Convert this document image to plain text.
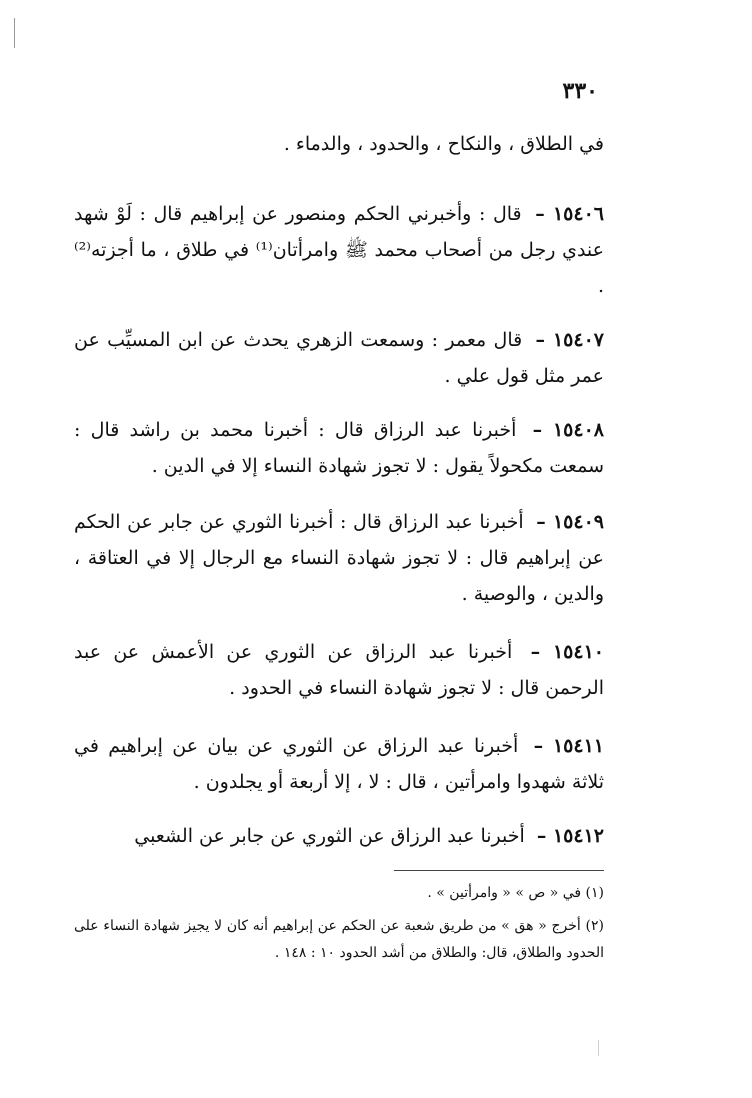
٣٣٠
في الطلاق ، والنكاح ، والحدود ، والدماء .
١٥٤٠٦ – قال : وأخبرني الحكم ومنصور عن إبراهيم قال : لَوْ شهد عندي رجل من أصحاب محمد ﷺ وامرأتان⁽¹⁾ في طلاق ، ما أجزته⁽²⁾ .
١٥٤٠٧ – قال معمر : وسمعت الزهري يحدث عن ابن المسيِّب عن عمر مثل قول علي .
١٥٤٠٨ – أخبرنا عبد الرزاق قال : أخبرنا محمد بن راشد قال : سمعت مكحولاً يقول : لا تجوز شهادة النساء إلا في الدين .
١٥٤٠٩ – أخبرنا عبد الرزاق قال : أخبرنا الثوري عن جابر عن الحكم عن إبراهيم قال : لا تجوز شهادة النساء مع الرجال إلا في العتاقة ، والدين ، والوصية .
١٥٤١٠ – أخبرنا عبد الرزاق عن الثوري عن الأعمش عن عبد الرحمن قال : لا تجوز شهادة النساء في الحدود .
١٥٤١١ – أخبرنا عبد الرزاق عن الثوري عن بيان عن إبراهيم في ثلاثة شهدوا وامرأتين ، قال : لا ، إلا أربعة أو يجلدون .
١٥٤١٢ – أخبرنا عبد الرزاق عن الثوري عن جابر عن الشعبي
(١) في « ص » « وامرأتين » .
(٢) أخرج « هق » من طريق شعبة عن الحكم عن إبراهيم أنه كان لا يجيز شهادة النساء على الحدود والطلاق، قال: والطلاق من أشد الحدود ١٠ : ١٤٨ .
